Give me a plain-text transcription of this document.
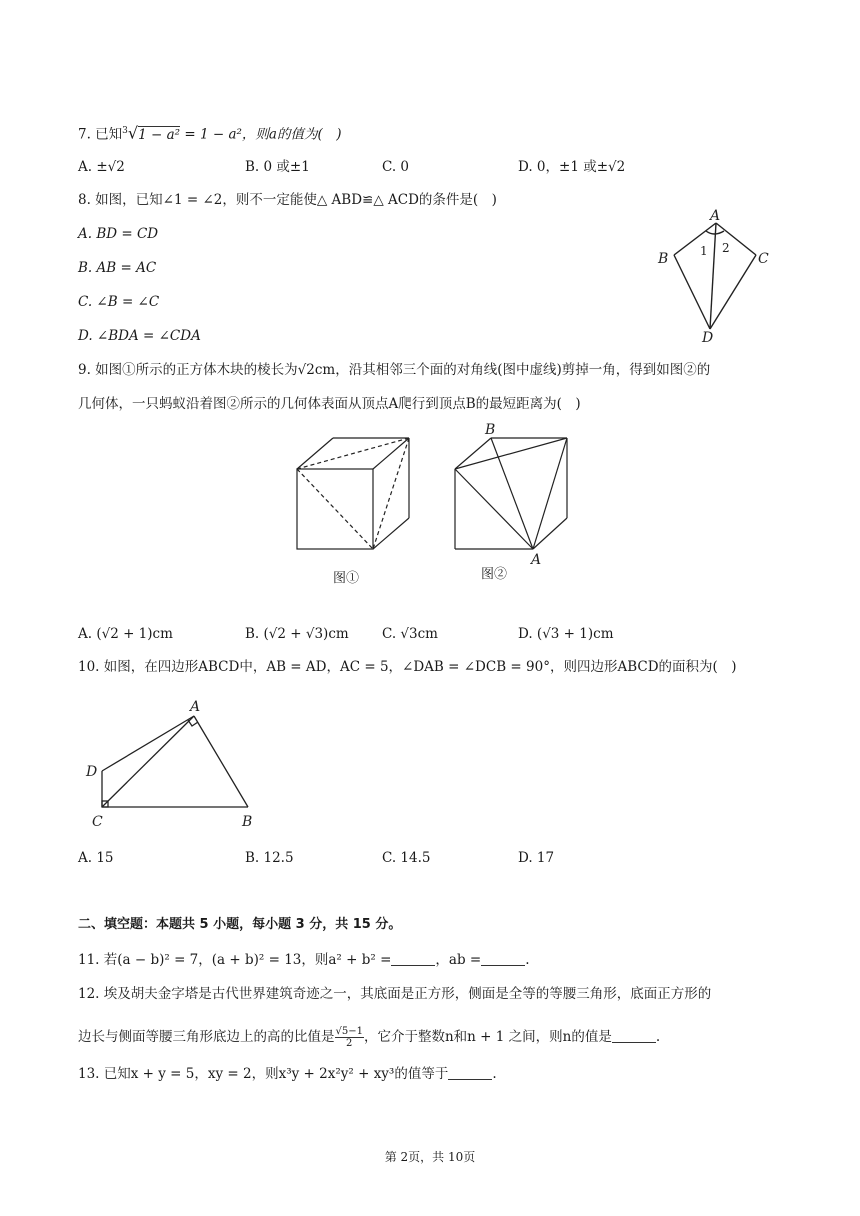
7. 已知$^3$√1 − a² = 1 − a²，则a的值为(　)
A. ±√2	B. 0 或±1	C. 0	D. 0，±1 或±√2
8. 如图，已知∠1 = ∠2，则不一定能使△ ABD≌△ ACD的条件是(　)
A. BD = CD
B. AB = AC
C. ∠B = ∠C
D. ∠BDA = ∠CDA
A
B	C
D
1 2
9. 如图①所示的正方体木块的棱长为√2cm，沿其相邻三个面的对角线(图中虚线)剪掉一角，得到如图②的
几何体，一只蚂蚁沿着图②所示的几何体表面从顶点A爬行到顶点B的最短距离为(　)
图①
B
A
图②
A. (√2 + 1)cm	B. (√2 + √3)cm C. √3cm	D. (√3 + 1)cm
10. 如图，在四边形ABCD中，AB = AD，AC = 5，∠DAB = ∠DCB = 90°，则四边形ABCD的面积为(　)
A
B
C
D
A. 15	B. 12.5	C. 14.5	D. 17
二、填空题：本题共 5 小题，每小题 3 分，共 15 分。
11. 若(a − b)² = 7，(a + b)² = 13，则a² + b² =	，ab =	.
12. 埃及胡夫金字塔是古代世界建筑奇迹之一，其底面是正方形，侧面是全等的等腰三角形，底面正方形的
边长与侧面等腰三角形底边上的高的比值是 $\frac{√5-1}{2}$，它介于整数n和n + 1 之间，则n的值是	.
13. 已知x + y = 5，xy = 2，则x³y + 2x²y² + xy³的值等于	.
第 2页，共 10页
